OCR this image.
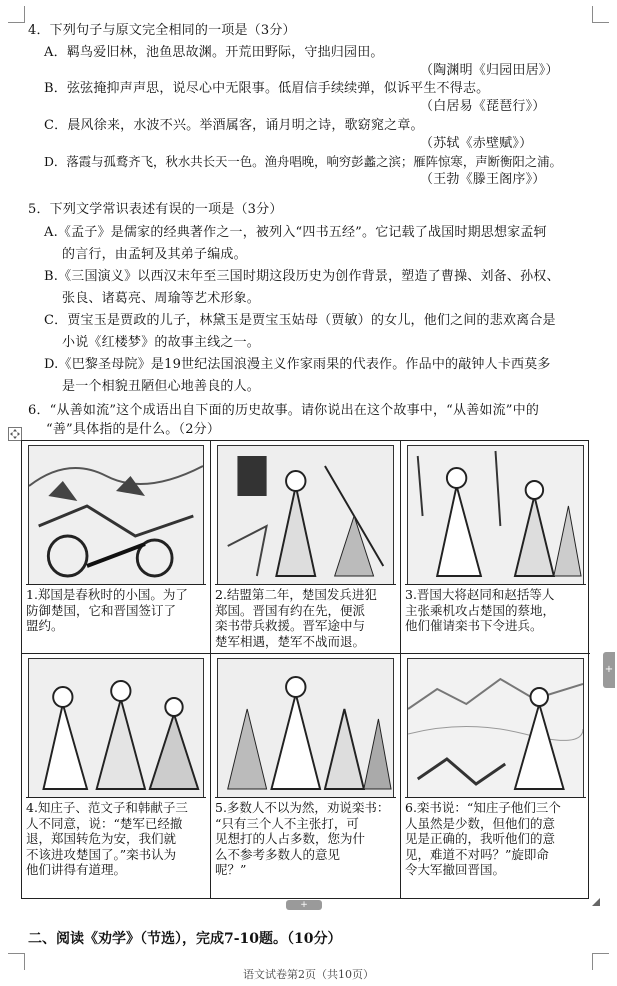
4．下列句子与原文完全相同的一项是（3分）
A．羁鸟爱旧林，池鱼思故渊。开荒田野际，守拙归园田。
（陶渊明《归园田居》）
B．弦弦掩抑声声思，说尽心中无限事。低眉信手续续弹，似诉平生不得志。
（白居易《琵琶行》）
C．晨风徐来，水波不兴。举酒属客，诵月明之诗，歌窈窕之章。
（苏轼《赤壁赋》）
D．落霞与孤鹜齐飞，秋水共长天一色。渔舟唱晚，响穷彭蠡之滨；雁阵惊寒，声断衡阳之浦。
（王勃《滕王阁序》）
5．下列文学常识表述有误的一项是（3分）
A.《孟子》是儒家的经典著作之一，被列入“四书五经”。它记载了战国时期思想家孟轲
的言行，由孟轲及其弟子编成。
B.《三国演义》以西汉末年至三国时期这段历史为创作背景，塑造了曹操、刘备、孙权、
张良、诸葛亮、周瑜等艺术形象。
C．贾宝玉是贾政的儿子，林黛玉是贾宝玉姑母（贾敏）的女儿，他们之间的悲欢离合是
小说《红楼梦》的故事主线之一。
D.《巴黎圣母院》是19世纪法国浪漫主义作家雨果的代表作。作品中的敲钟人卡西莫多
是一个相貌丑陋但心地善良的人。
6．“从善如流”这个成语出自下面的历史故事。请你说出在这个故事中，“从善如流”中的
“善”具体指的是什么。（2分）
1.郑国是春秋时的小国。为了
防御楚国，它和晋国签订了
盟约。
2.结盟第二年，楚国发兵进犯
郑国。晋国有约在先，便派
栾书带兵救援。晋军途中与
楚军相遇，楚军不战而退。
3.晋国大将赵同和赵括等人
主张乘机攻占楚国的蔡地，
他们催请栾书下令进兵。
4.知庄子、范文子和韩献子三
人不同意，说：“楚军已经撤
退，郑国转危为安，我们就
不该进攻楚国了。”栾书认为
他们讲得有道理。
5.多数人不以为然，劝说栾书：
“只有三个人不主张打，可
见想打的人占多数，您为什
么不参考多数人的意见
呢？”
6.栾书说：“知庄子他们三个
人虽然是少数，但他们的意
见是正确的，我听他们的意
见，难道不对吗？”旋即命
令大军撤回晋国。
+
+
二、阅读《劝学》（节选），完成7-10题。（10分）
语文试卷第2页（共10页）
